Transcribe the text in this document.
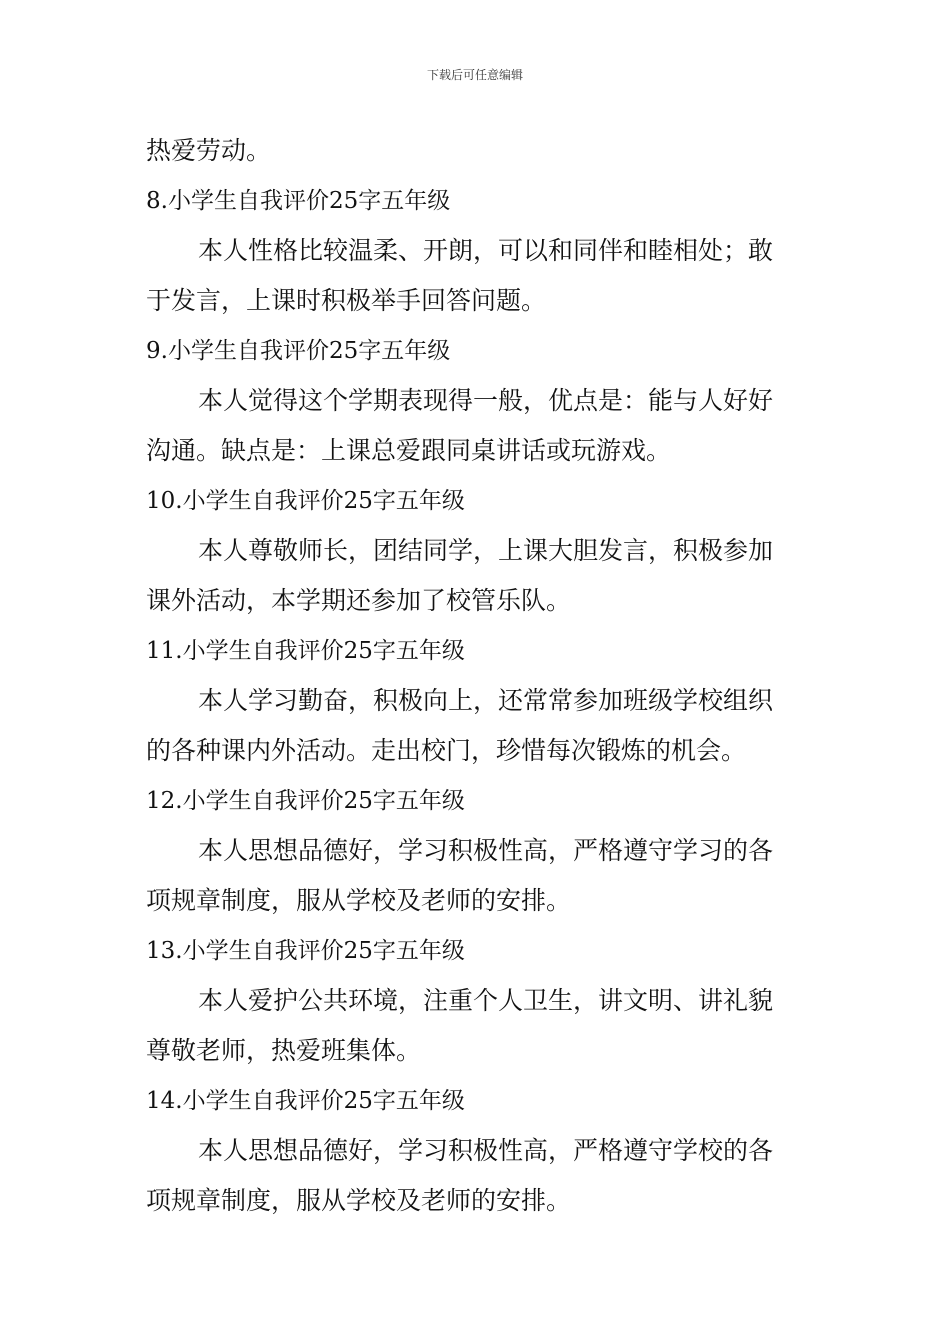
下载后可任意编辑
热爱劳动。
8.小学生自我评价25字五年级
本人性格比较温柔、开朗，可以和同伴和睦相处；敢
于发言，上课时积极举手回答问题。
9.小学生自我评价25字五年级
本人觉得这个学期表现得一般，优点是：能与人好好
沟通。缺点是：上课总爱跟同桌讲话或玩游戏。
10.小学生自我评价25字五年级
本人尊敬师长，团结同学，上课大胆发言，积极参加
课外活动，本学期还参加了校管乐队。
11.小学生自我评价25字五年级
本人学习勤奋，积极向上，还常常参加班级学校组织
的各种课内外活动。走出校门，珍惜每次锻炼的机会。
12.小学生自我评价25字五年级
本人思想品德好，学习积极性高，严格遵守学习的各
项规章制度，服从学校及老师的安排。
13.小学生自我评价25字五年级
本人爱护公共环境，注重个人卫生，讲文明、讲礼貌
尊敬老师，热爱班集体。
14.小学生自我评价25字五年级
本人思想品德好，学习积极性高，严格遵守学校的各
项规章制度，服从学校及老师的安排。
